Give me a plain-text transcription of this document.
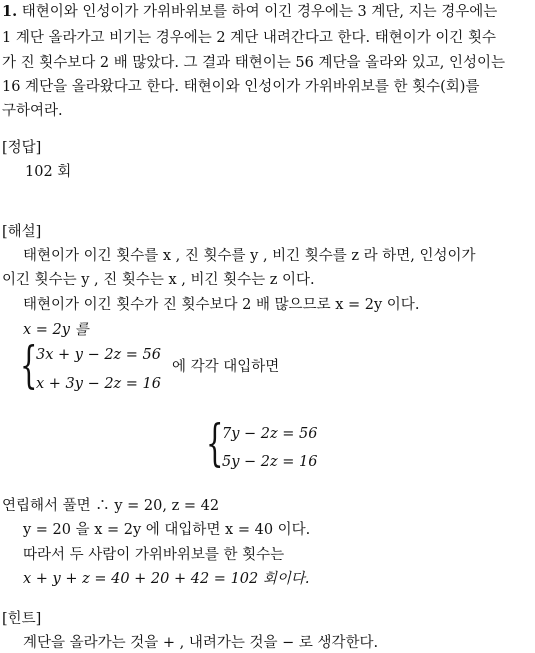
1. 태현이와 인성이가 가위바위보를 하여 이긴 경우에는 3 계단, 지는 경우에는
1 계단 올라가고 비기는 경우에는 2 계단 내려간다고 한다. 태현이가 이긴 횟수
가 진 횟수보다 2 배 많았다. 그 결과 태현이는 56 계단을 올라와 있고, 인성이는
16 계단을 올라왔다고 한다. 태현이와 인성이가 가위바위보를 한 횟수(회)를
구하여라.
[정답]
102 회
[해설]
태현이가 이긴 횟수를 x , 진 횟수를 y , 비긴 횟수를 z 라 하면, 인성이가
이긴 횟수는 y , 진 횟수는 x , 비긴 횟수는 z 이다.
태현이가 이긴 횟수가 진 횟수보다 2 배 많으므로 x = 2y 이다.
x = 2y 를
{
3x + y − 2z = 56
x + 3y − 2z = 16
에 각각 대입하면
{
7y − 2z = 56
5y − 2z = 16
연립해서 풀면 ∴ y = 20, z = 42
y = 20 을 x = 2y 에 대입하면 x = 40 이다.
따라서 두 사람이 가위바위보를 한 횟수는
x + y + z = 40 + 20 + 42 = 102 회이다.
[힌트]
계단을 올라가는 것을 + , 내려가는 것을 − 로 생각한다.
